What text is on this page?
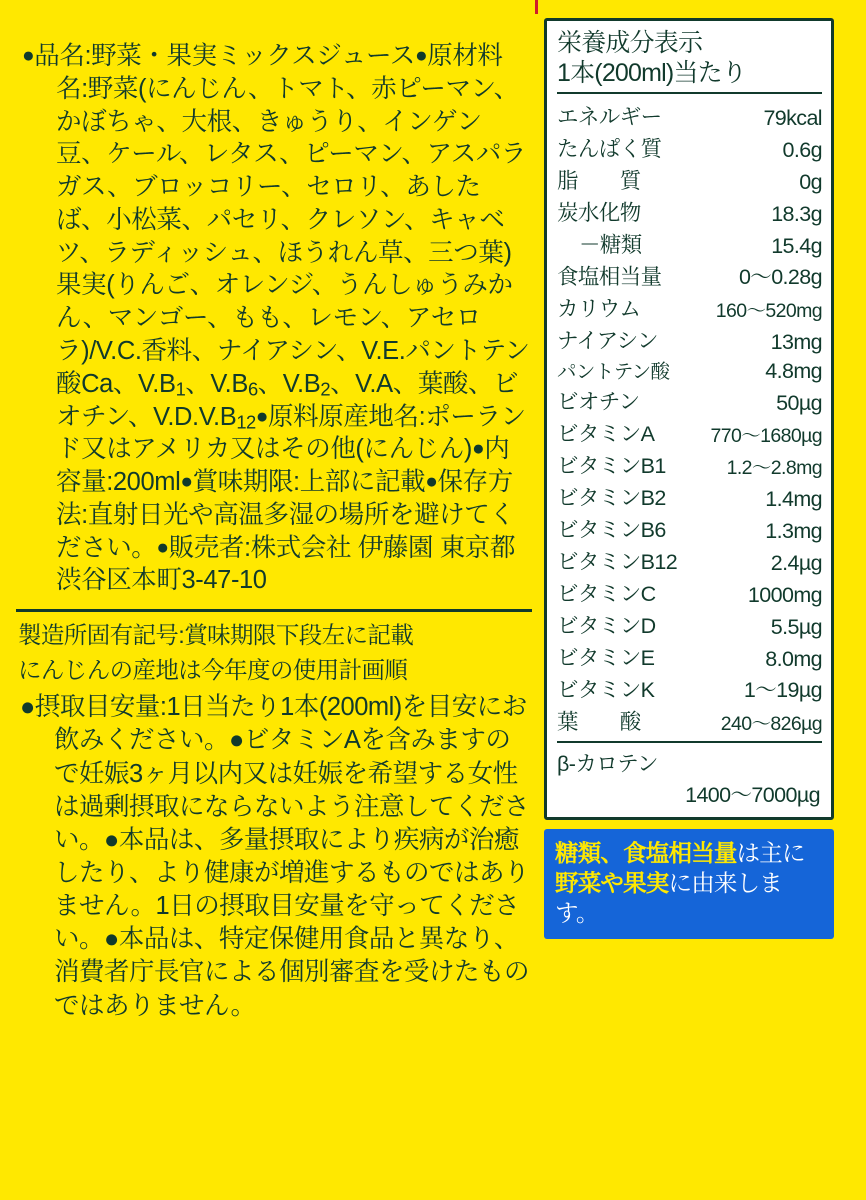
●品名:野菜・果実ミックスジュース●原材料名:野菜(にんじん、トマト、赤ピーマン、かぼちゃ、大根、きゅうり、インゲン豆、ケール、レタス、ピーマン、アスパラガス、ブロッコリー、セロリ、あしたば、小松菜、パセリ、クレソン、キャベツ、ラディッシュ、ほうれん草、三つ葉)果実(りんご、オレンジ、うんしゅうみかん、マンゴー、もも、レモン、アセロラ)/V.C.香料、ナイアシン、V.E.パントテン酸Ca、V.B1、V.B6、V.B2、V.A、葉酸、ビオチン、V.D.V.B12●原料原産地名:ポーランド又はアメリカ又はその他(にんじん)●内容量:200ml●賞味期限:上部に記載●保存方法:直射日光や高温多湿の場所を避けてください。●販売者:株式会社 伊藤園 東京都渋谷区本町3-47-10
製造所固有記号:賞味期限下段左に記載
にんじんの産地は今年度の使用計画順
●摂取目安量:1日当たり1本(200ml)を目安にお飲みください。●ビタミンAを含みますので妊娠3ヶ月以内又は妊娠を希望する女性は過剰摂取にならないよう注意してください。●本品は、多量摂取により疾病が治癒したり、より健康が増進するものではありません。1日の摂取目安量を守ってください。●本品は、特定保健用食品と異なり、消費者庁長官による個別審査を受けたものではありません。
栄養成分表示
1本(200ml)当たり
エネルギー	79kcal
たんぱく質	0.6g
脂　　質	0g
炭水化物	18.3g
－糖類	15.4g
食塩相当量	0～0.28g
カリウム	160～520mg
ナイアシン	13mg
パントテン酸	4.8mg
ビオチン	50µg
ビタミンA	770～1680µg
ビタミンB1	1.2～2.8mg
ビタミンB2	1.4mg
ビタミンB6	1.3mg
ビタミンB12	2.4µg
ビタミンC	1000mg
ビタミンD	5.5µg
ビタミンE	8.0mg
ビタミンK	1～19µg
葉　　酸	240～826µg
β-カロテン
1400～7000µg
糖類、食塩相当量は主に野菜や果実に由来します。
